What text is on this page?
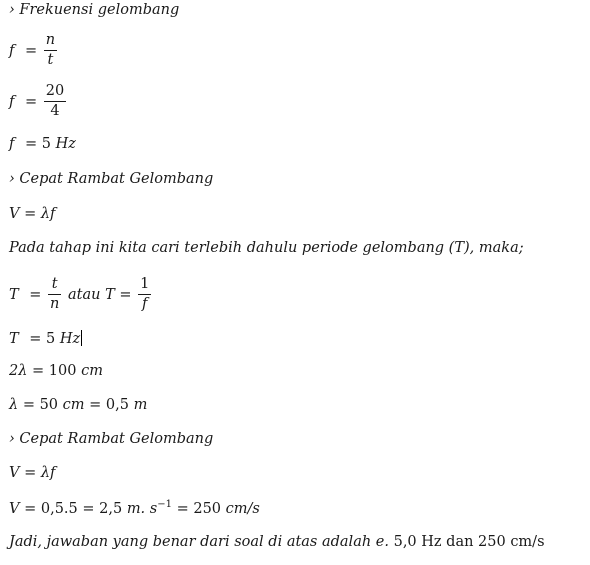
› Frekuensi gelombang
$f = \frac{n}{t}$
$f = \frac{20}{4}$
f = 5 Hz
› Cepat Rambat Gelombang
V = λf
Pada tahap ini kita cari terlebih dahulu periode gelombang (T), maka;
$T = \frac{t}{n}$ atau $T = \frac{1}{f}$
T = 5 Hz
2λ = 100 cm
λ = 50 cm = 0,5 m
› Cepat Rambat Gelombang
V = λf
V = 0,5.5 = 2,5 m. $s^{-1} = 250$ cm/s
Jadi, jawaban yang benar dari soal di atas adalah e. 5,0 Hz dan 250 cm/s
